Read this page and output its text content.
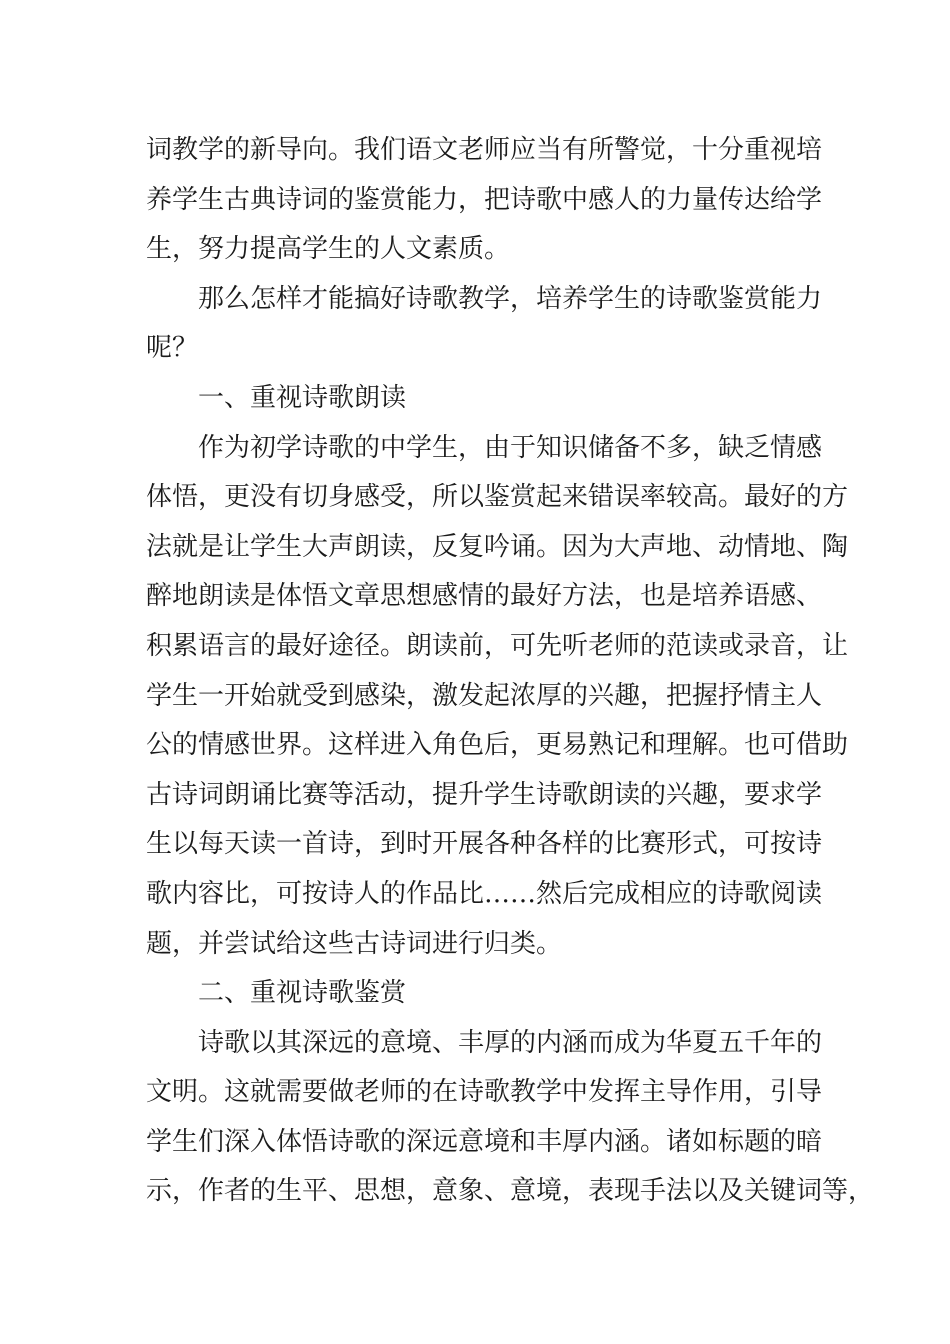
词教学的新导向。我们语文老师应当有所警觉，十分重视培
养学生古典诗词的鉴赏能力，把诗歌中感人的力量传达给学
生，努力提高学生的人文素质。
那么怎样才能搞好诗歌教学，培养学生的诗歌鉴赏能力
呢？
一、重视诗歌朗读
作为初学诗歌的中学生，由于知识储备不多，缺乏情感
体悟，更没有切身感受，所以鉴赏起来错误率较高。最好的方
法就是让学生大声朗读，反复吟诵。因为大声地、动情地、陶
醉地朗读是体悟文章思想感情的最好方法，也是培养语感、
积累语言的最好途径。朗读前，可先听老师的范读或录音，让
学生一开始就受到感染，激发起浓厚的兴趣，把握抒情主人
公的情感世界。这样进入角色后，更易熟记和理解。也可借助
古诗词朗诵比赛等活动，提升学生诗歌朗读的兴趣，要求学
生以每天读一首诗，到时开展各种各样的比赛形式，可按诗
歌内容比，可按诗人的作品比……然后完成相应的诗歌阅读
题，并尝试给这些古诗词进行归类。
二、重视诗歌鉴赏
诗歌以其深远的意境、丰厚的内涵而成为华夏五千年的
文明。这就需要做老师的在诗歌教学中发挥主导作用，引导
学生们深入体悟诗歌的深远意境和丰厚内涵。诸如标题的暗
示，作者的生平、思想，意象、意境，表现手法以及关键词等，
